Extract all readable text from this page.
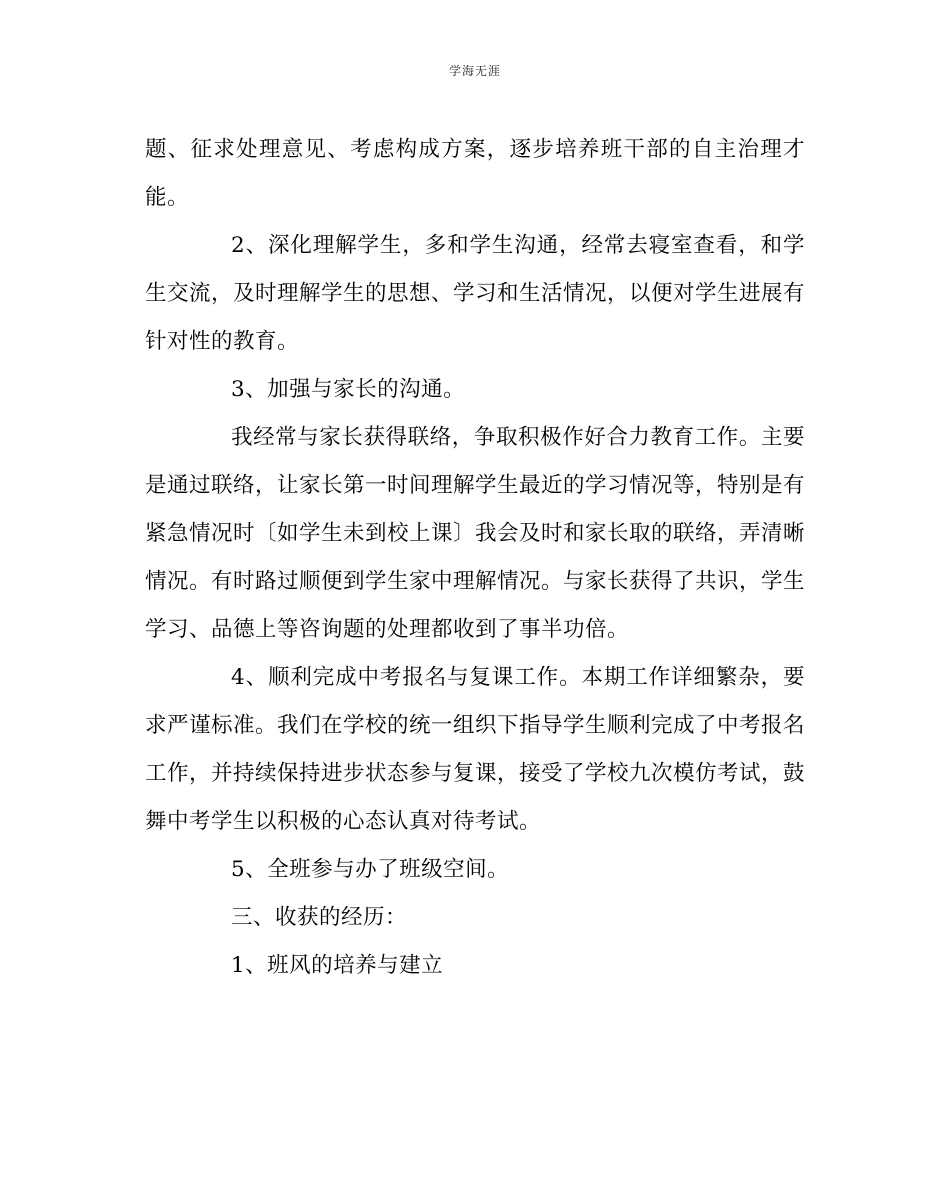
学海无涯

题、征求处理意见、考虑构成方案，逐步培养班干部的自主治理才能。

2、深化理解学生，多和学生沟通，经常去寝室查看，和学生交流，及时理解学生的思想、学习和生活情况，以便对学生进展有针对性的教育。

3、加强与家长的沟通。

我经常与家长获得联络，争取积极作好合力教育工作。主要是通过联络，让家长第一时间理解学生最近的学习情况等，特别是有紧急情况时〔如学生未到校上课〕我会及时和家长取的联络，弄清晰情况。有时路过顺便到学生家中理解情况。与家长获得了共识，学生学习、品德上等咨询题的处理都收到了事半功倍。

4、顺利完成中考报名与复课工作。本期工作详细繁杂，要求严谨标准。我们在学校的统一组织下指导学生顺利完成了中考报名工作，并持续保持进步状态参与复课，接受了学校九次模仿考试，鼓舞中考学生以积极的心态认真对待考试。

5、全班参与办了班级空间。

三、收获的经历：

1、班风的培养与建立
